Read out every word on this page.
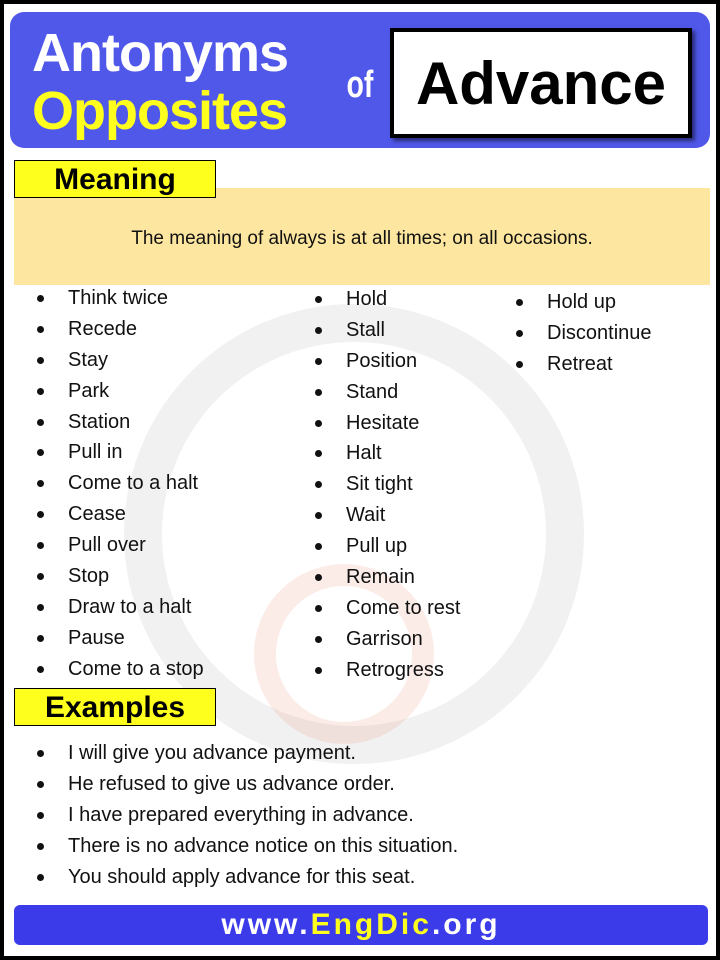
Antonyms
Opposites of Advance
The meaning of always is at all times; on all occasions.
Meaning
Think twice
Recede
Stay
Park
Station
Pull in
Come to a halt
Cease
Pull over
Stop
Draw to a halt
Pause
Come to a stop
Hold
Stall
Position
Stand
Hesitate
Halt
Sit tight
Wait
Pull up
Remain
Come to rest
Garrison
Retrogress
Hold up
Discontinue
Retreat
Examples
I will give you advance payment.
He refused to give us advance order.
I have prepared everything in advance.
There is no advance notice on this situation.
You should apply advance for this seat.
www.EngDic.org
